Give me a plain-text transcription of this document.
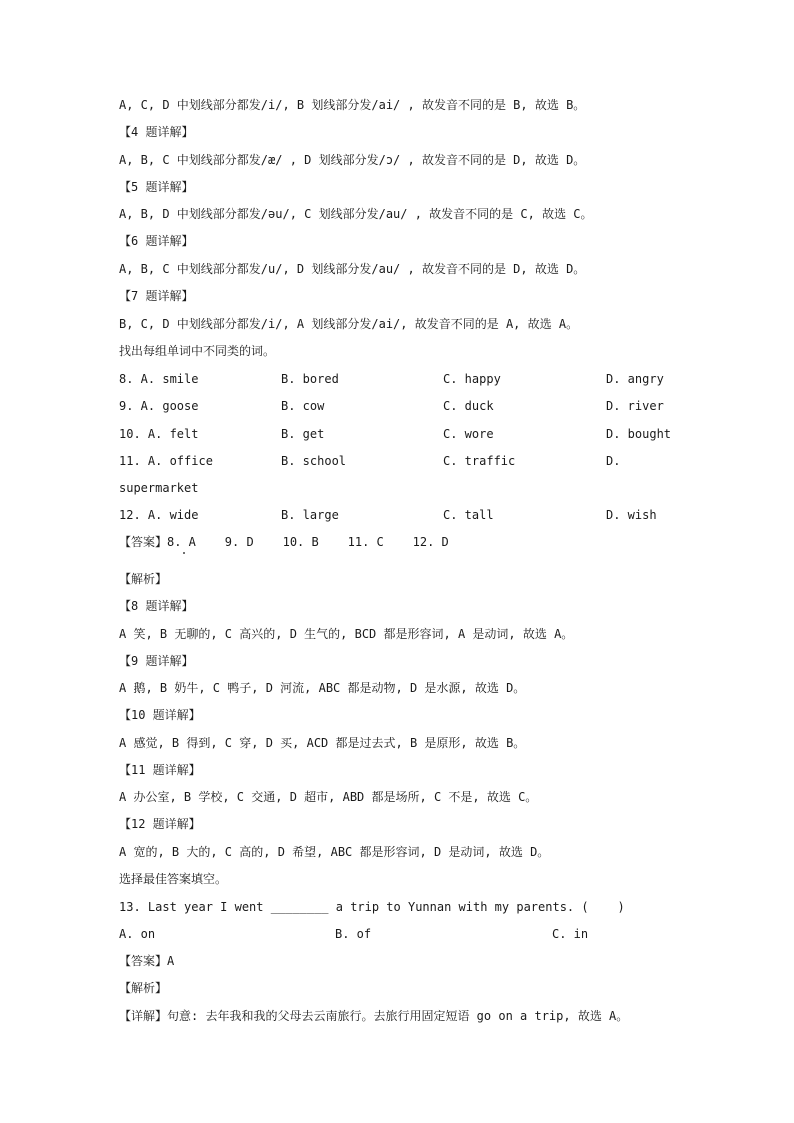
A, C, D 中划线部分都发/i/, B 划线部分发/ai/ , 故发音不同的是 B, 故选 B。
【4 题详解】
A, B, C 中划线部分都发/æ/ , D 划线部分发/ɔ/ , 故发音不同的是 D, 故选 D。
【5 题详解】
A, B, D 中划线部分都发/əu/, C 划线部分发/au/ , 故发音不同的是 C, 故选 C。
【6 题详解】
A, B, C 中划线部分都发/u/, D 划线部分发/au/ , 故发音不同的是 D, 故选 D。
【7 题详解】
B, C, D 中划线部分都发/i/, A 划线部分发/ai/, 故发音不同的是 A, 故选 A。
找出每组单词中不同类的词。
8. A. smile	B. bored	C. happy	D. angry
9. A. goose	B. cow	C. duck	D. river
10. A. felt	B. get	C. wore	D. bought
11. A. office	B. school	C. traffic	D.
supermarket
12. A. wide	B. large	C. tall	D. wish
【答案】8. A    9. D    10. B    11. C    12. D
【解析】
【8 题详解】
A 笑, B 无聊的, C 高兴的, D 生气的, BCD 都是形容词, A 是动词, 故选 A。
【9 题详解】
A 鹅, B 奶牛, C 鸭子, D 河流, ABC 都是动物, D 是水源, 故选 D。
【10 题详解】
A 感觉, B 得到, C 穿, D 买, ACD 都是过去式, B 是原形, 故选 B。
【11 题详解】
A 办公室, B 学校, C 交通, D 超市, ABD 都是场所, C 不是, 故选 C。
【12 题详解】
A 宽的, B 大的, C 高的, D 希望, ABC 都是形容词, D 是动词, 故选 D。
选择最佳答案填空。
13. Last year I went ________ a trip to Yunnan with my parents. (    )
A. on	B. of	C. in
【答案】A
【解析】
【详解】句意: 去年我和我的父母去云南旅行。去旅行用固定短语 go on a trip, 故选 A。
